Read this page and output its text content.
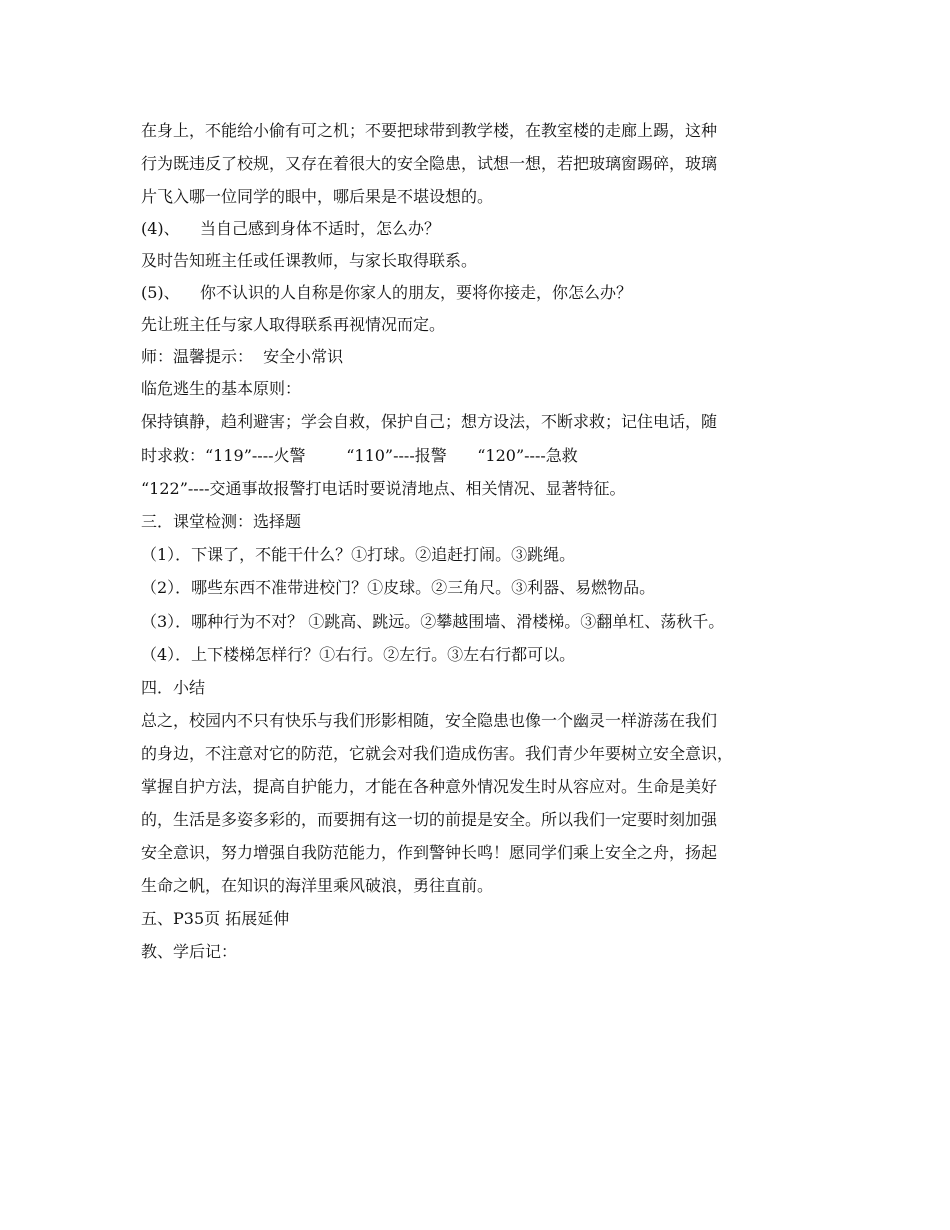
在身上，不能给小偷有可之机；不要把球带到教学楼，在教室楼的走廊上踢，这种
行为既违反了校规，又存在着很大的安全隐患，试想一想，若把玻璃窗踢碎，玻璃
片飞入哪一位同学的眼中，哪后果是不堪设想的。
(4)、    当自己感到身体不适时，怎么办？
及时告知班主任或任课教师，与家长取得联系。
(5)、    你不认识的人自称是你家人的朋友，要将你接走，你怎么办？
先让班主任与家人取得联系再视情况而定。
师：温馨提示：  安全小常识
临危逃生的基本原则：
保持镇静，趋利避害；学会自救，保护自己；想方设法，不断求救；记住电话，随
时求救：“119”----火警        “110”----报警      “120”----急救
“122”----交通事故报警打电话时要说清地点、相关情况、显著特征。
三．课堂检测：选择题
（1）．下课了，不能干什么？①打球。②追赶打闹。③跳绳。
（2）．哪些东西不准带进校门？①皮球。②三角尺。③利器、易燃物品。
（3）．哪种行为不对？ ①跳高、跳远。②攀越围墙、滑楼梯。③翻单杠、荡秋千。
（4）．上下楼梯怎样行？①右行。②左行。③左右行都可以。
四．小结
总之，校园内不只有快乐与我们形影相随，安全隐患也像一个幽灵一样游荡在我们
的身边，不注意对它的防范，它就会对我们造成伤害。我们青少年要树立安全意识，
掌握自护方法，提高自护能力，才能在各种意外情况发生时从容应对。生命是美好
的，生活是多姿多彩的，而要拥有这一切的前提是安全。所以我们一定要时刻加强
安全意识，努力增强自我防范能力，作到警钟长鸣！愿同学们乘上安全之舟，扬起
生命之帆，在知识的海洋里乘风破浪，勇往直前。
五、P35页 拓展延伸
教、学后记：
